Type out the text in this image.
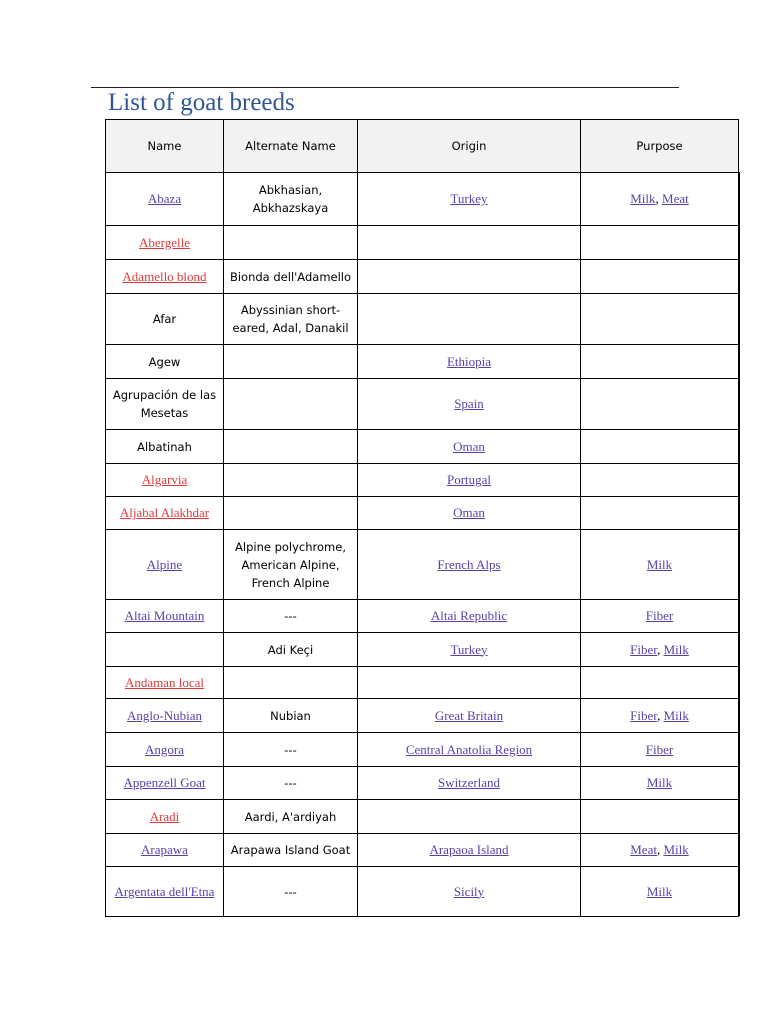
List of goat breeds
Name	Alternate Name	Origin	Purpose
Abaza	Abkhasian, Abkhazskaya	Turkey	Milk, Meat
Abergelle			
Adamello blond	Bionda dell'Adamello		
Afar	Abyssinian short-eared, Adal, Danakil		
Agew		Ethiopia	
Agrupación de las Mesetas		Spain	
Albatinah		Oman	
Algarvia		Portugal	
Aljabal Alakhdar		Oman	
Alpine	Alpine polychrome, American Alpine, French Alpine	French Alps	Milk
Altai Mountain	---	Altai Republic	Fiber
	Adi Keçi	Turkey	Fiber, Milk
Andaman local			
Anglo-Nubian	Nubian	Great Britain	Fiber, Milk
Angora	---	Central Anatolia Region	Fiber
Appenzell Goat	---	Switzerland	Milk
Aradi	Aardi, A'ardiyah		
Arapawa	Arapawa Island Goat	Arapaoa Island	Meat, Milk
Argentata dell'Etna	---	Sicily	Milk
